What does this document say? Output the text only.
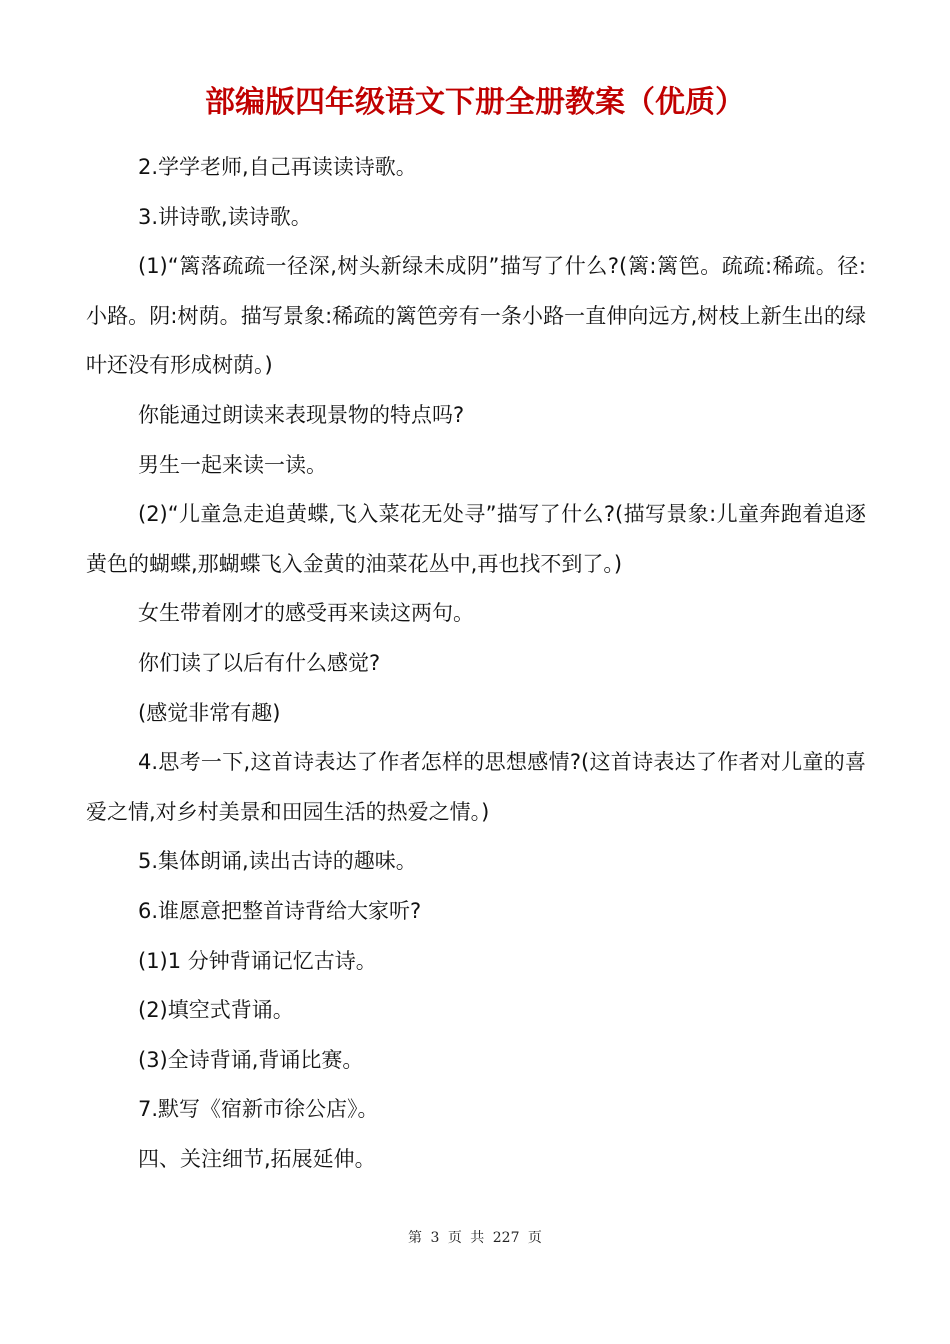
部编版四年级语文下册全册教案（优质）

2.学学老师,自己再读读诗歌。

3.讲诗歌,读诗歌。

(1)“篱落疏疏一径深,树头新绿未成阴”描写了什么?(篱:篱笆。疏疏:稀疏。径:小路。阴:树荫。描写景象:稀疏的篱笆旁有一条小路一直伸向远方,树枝上新生出的绿叶还没有形成树荫。)

你能通过朗读来表现景物的特点吗?

男生一起来读一读。

(2)“儿童急走追黄蝶,飞入菜花无处寻”描写了什么?(描写景象:儿童奔跑着追逐黄色的蝴蝶,那蝴蝶飞入金黄的油菜花丛中,再也找不到了。)

女生带着刚才的感受再来读这两句。

你们读了以后有什么感觉?

(感觉非常有趣)

4.思考一下,这首诗表达了作者怎样的思想感情?(这首诗表达了作者对儿童的喜爱之情,对乡村美景和田园生活的热爱之情。)

5.集体朗诵,读出古诗的趣味。

6.谁愿意把整首诗背给大家听?

(1)1 分钟背诵记忆古诗。

(2)填空式背诵。

(3)全诗背诵,背诵比赛。

7.默写《宿新市徐公店》。

四、关注细节,拓展延伸。

第 3 页 共 227 页
